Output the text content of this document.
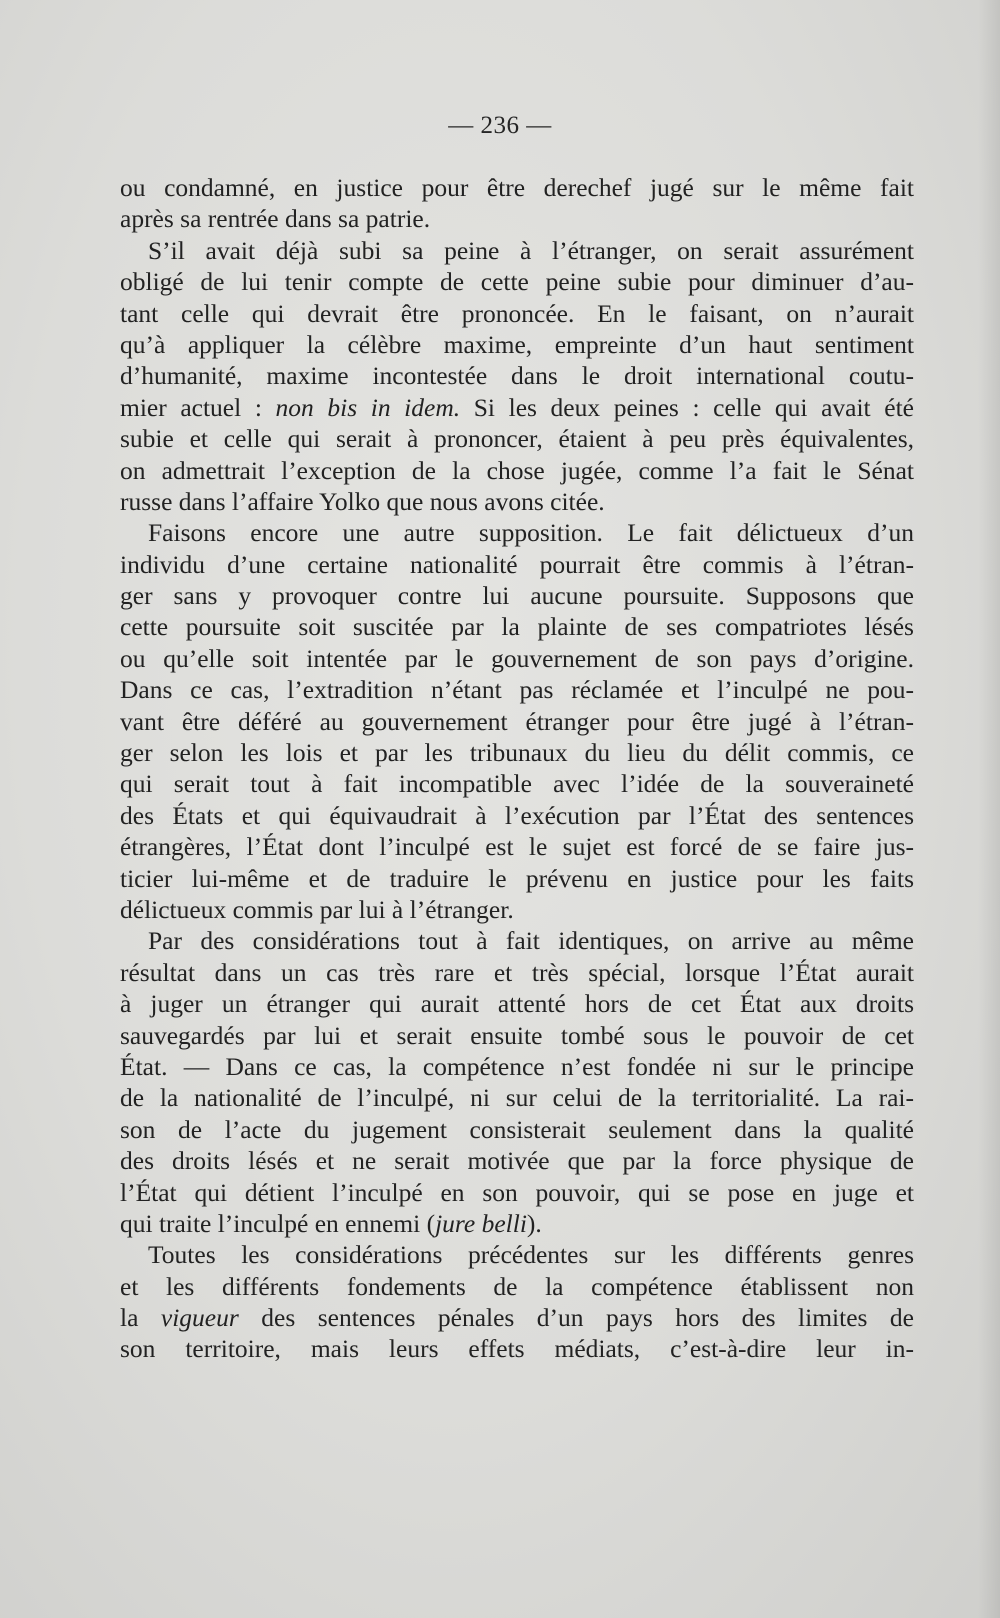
— 236 —
ou condamné, en justice pour être derechef jugé sur le même fait
après sa rentrée dans sa patrie.
S’il avait déjà subi sa peine à l’étranger, on serait assurément
obligé de lui tenir compte de cette peine subie pour diminuer d’au-
tant celle qui devrait être prononcée. En le faisant, on n’aurait
qu’à appliquer la célèbre maxime, empreinte d’un haut sentiment
d’humanité, maxime incontestée dans le droit international coutu-
mier actuel : non bis in idem. Si les deux peines : celle qui avait été
subie et celle qui serait à prononcer, étaient à peu près équivalentes,
on admettrait l’exception de la chose jugée, comme l’a fait le Sénat
russe dans l’affaire Yolko que nous avons citée.
Faisons encore une autre supposition. Le fait délictueux d’un
individu d’une certaine nationalité pourrait être commis à l’étran-
ger sans y provoquer contre lui aucune poursuite. Supposons que
cette poursuite soit suscitée par la plainte de ses compatriotes lésés
ou qu’elle soit intentée par le gouvernement de son pays d’origine.
Dans ce cas, l’extradition n’étant pas réclamée et l’inculpé ne pou-
vant être déféré au gouvernement étranger pour être jugé à l’étran-
ger selon les lois et par les tribunaux du lieu du délit commis, ce
qui serait tout à fait incompatible avec l’idée de la souveraineté
des États et qui équivaudrait à l’exécution par l’État des sentences
étrangères, l’État dont l’inculpé est le sujet est forcé de se faire jus-
ticier lui-même et de traduire le prévenu en justice pour les faits
délictueux commis par lui à l’étranger.
Par des considérations tout à fait identiques, on arrive au même
résultat dans un cas très rare et très spécial, lorsque l’État aurait
à juger un étranger qui aurait attenté hors de cet État aux droits
sauvegardés par lui et serait ensuite tombé sous le pouvoir de cet
État. — Dans ce cas, la compétence n’est fondée ni sur le principe
de la nationalité de l’inculpé, ni sur celui de la territorialité. La rai-
son de l’acte du jugement consisterait seulement dans la qualité
des droits lésés et ne serait motivée que par la force physique de
l’État qui détient l’inculpé en son pouvoir, qui se pose en juge et
qui traite l’inculpé en ennemi (jure belli).
Toutes les considérations précédentes sur les différents genres
et les différents fondements de la compétence établissent non
la vigueur des sentences pénales d’un pays hors des limites de
son territoire, mais leurs effets médiats, c’est-à-dire leur in-
